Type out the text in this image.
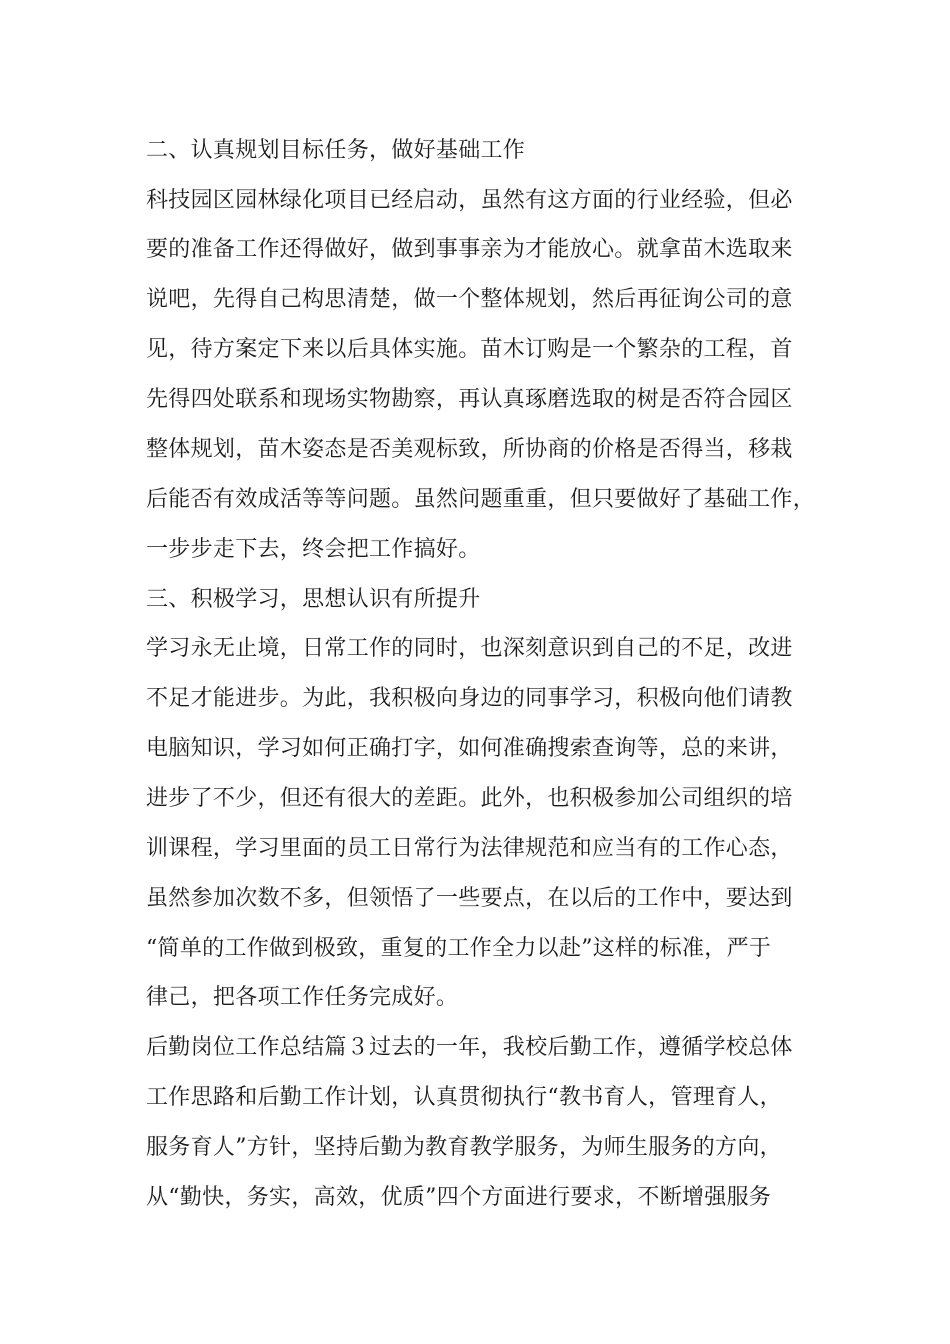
二、认真规划目标任务，做好基础工作
科技园区园林绿化项目已经启动，虽然有这方面的行业经验，但必
要的准备工作还得做好，做到事事亲为才能放心。就拿苗木选取来
说吧，先得自己构思清楚，做一个整体规划，然后再征询公司的意
见，待方案定下来以后具体实施。苗木订购是一个繁杂的工程，首
先得四处联系和现场实物勘察，再认真琢磨选取的树是否符合园区
整体规划，苗木姿态是否美观标致，所协商的价格是否得当，移栽
后能否有效成活等等问题。虽然问题重重，但只要做好了基础工作，
一步步走下去，终会把工作搞好。
三、积极学习，思想认识有所提升
学习永无止境，日常工作的同时，也深刻意识到自己的不足，改进
不足才能进步。为此，我积极向身边的同事学习，积极向他们请教
电脑知识，学习如何正确打字，如何准确搜索查询等，总的来讲，
进步了不少，但还有很大的差距。此外，也积极参加公司组织的培
训课程，学习里面的员工日常行为法律规范和应当有的工作心态，
虽然参加次数不多，但领悟了一些要点，在以后的工作中，要达到
“简单的工作做到极致，重复的工作全力以赴”这样的标准，严于
律己，把各项工作任务完成好。
后勤岗位工作总结篇３过去的一年，我校后勤工作，遵循学校总体
工作思路和后勤工作计划，认真贯彻执行“教书育人，管理育人，
服务育人”方针，坚持后勤为教育教学服务，为师生服务的方向，
从“勤快，务实，高效，优质”四个方面进行要求，不断增强服务
